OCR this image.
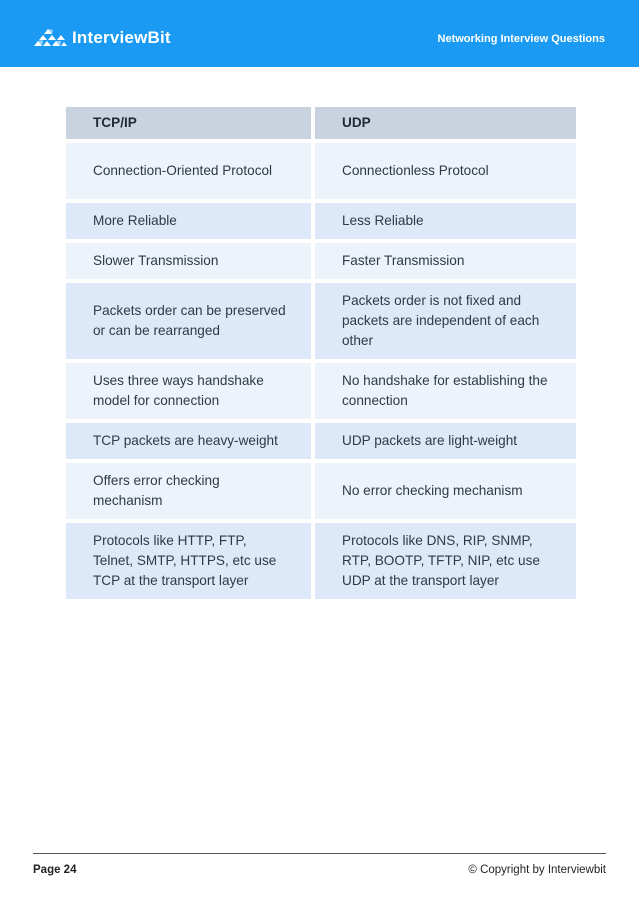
InterviewBit	Networking Interview Questions
TCP/IP	UDP
Connection-Oriented Protocol	Connectionless Protocol
More Reliable	Less Reliable
Slower Transmission	Faster Transmission
Packets order can be preserved or can be rearranged	Packets order is not fixed and packets are independent of each other
Uses three ways handshake model for connection	No handshake for establishing the connection
TCP packets are heavy-weight	UDP packets are light-weight
Offers error checking mechanism	No error checking mechanism
Protocols like HTTP, FTP, Telnet, SMTP, HTTPS, etc use TCP at the transport layer	Protocols like DNS, RIP, SNMP, RTP, BOOTP, TFTP, NIP, etc use UDP at the transport layer
Page 24	© Copyright by Interviewbit
